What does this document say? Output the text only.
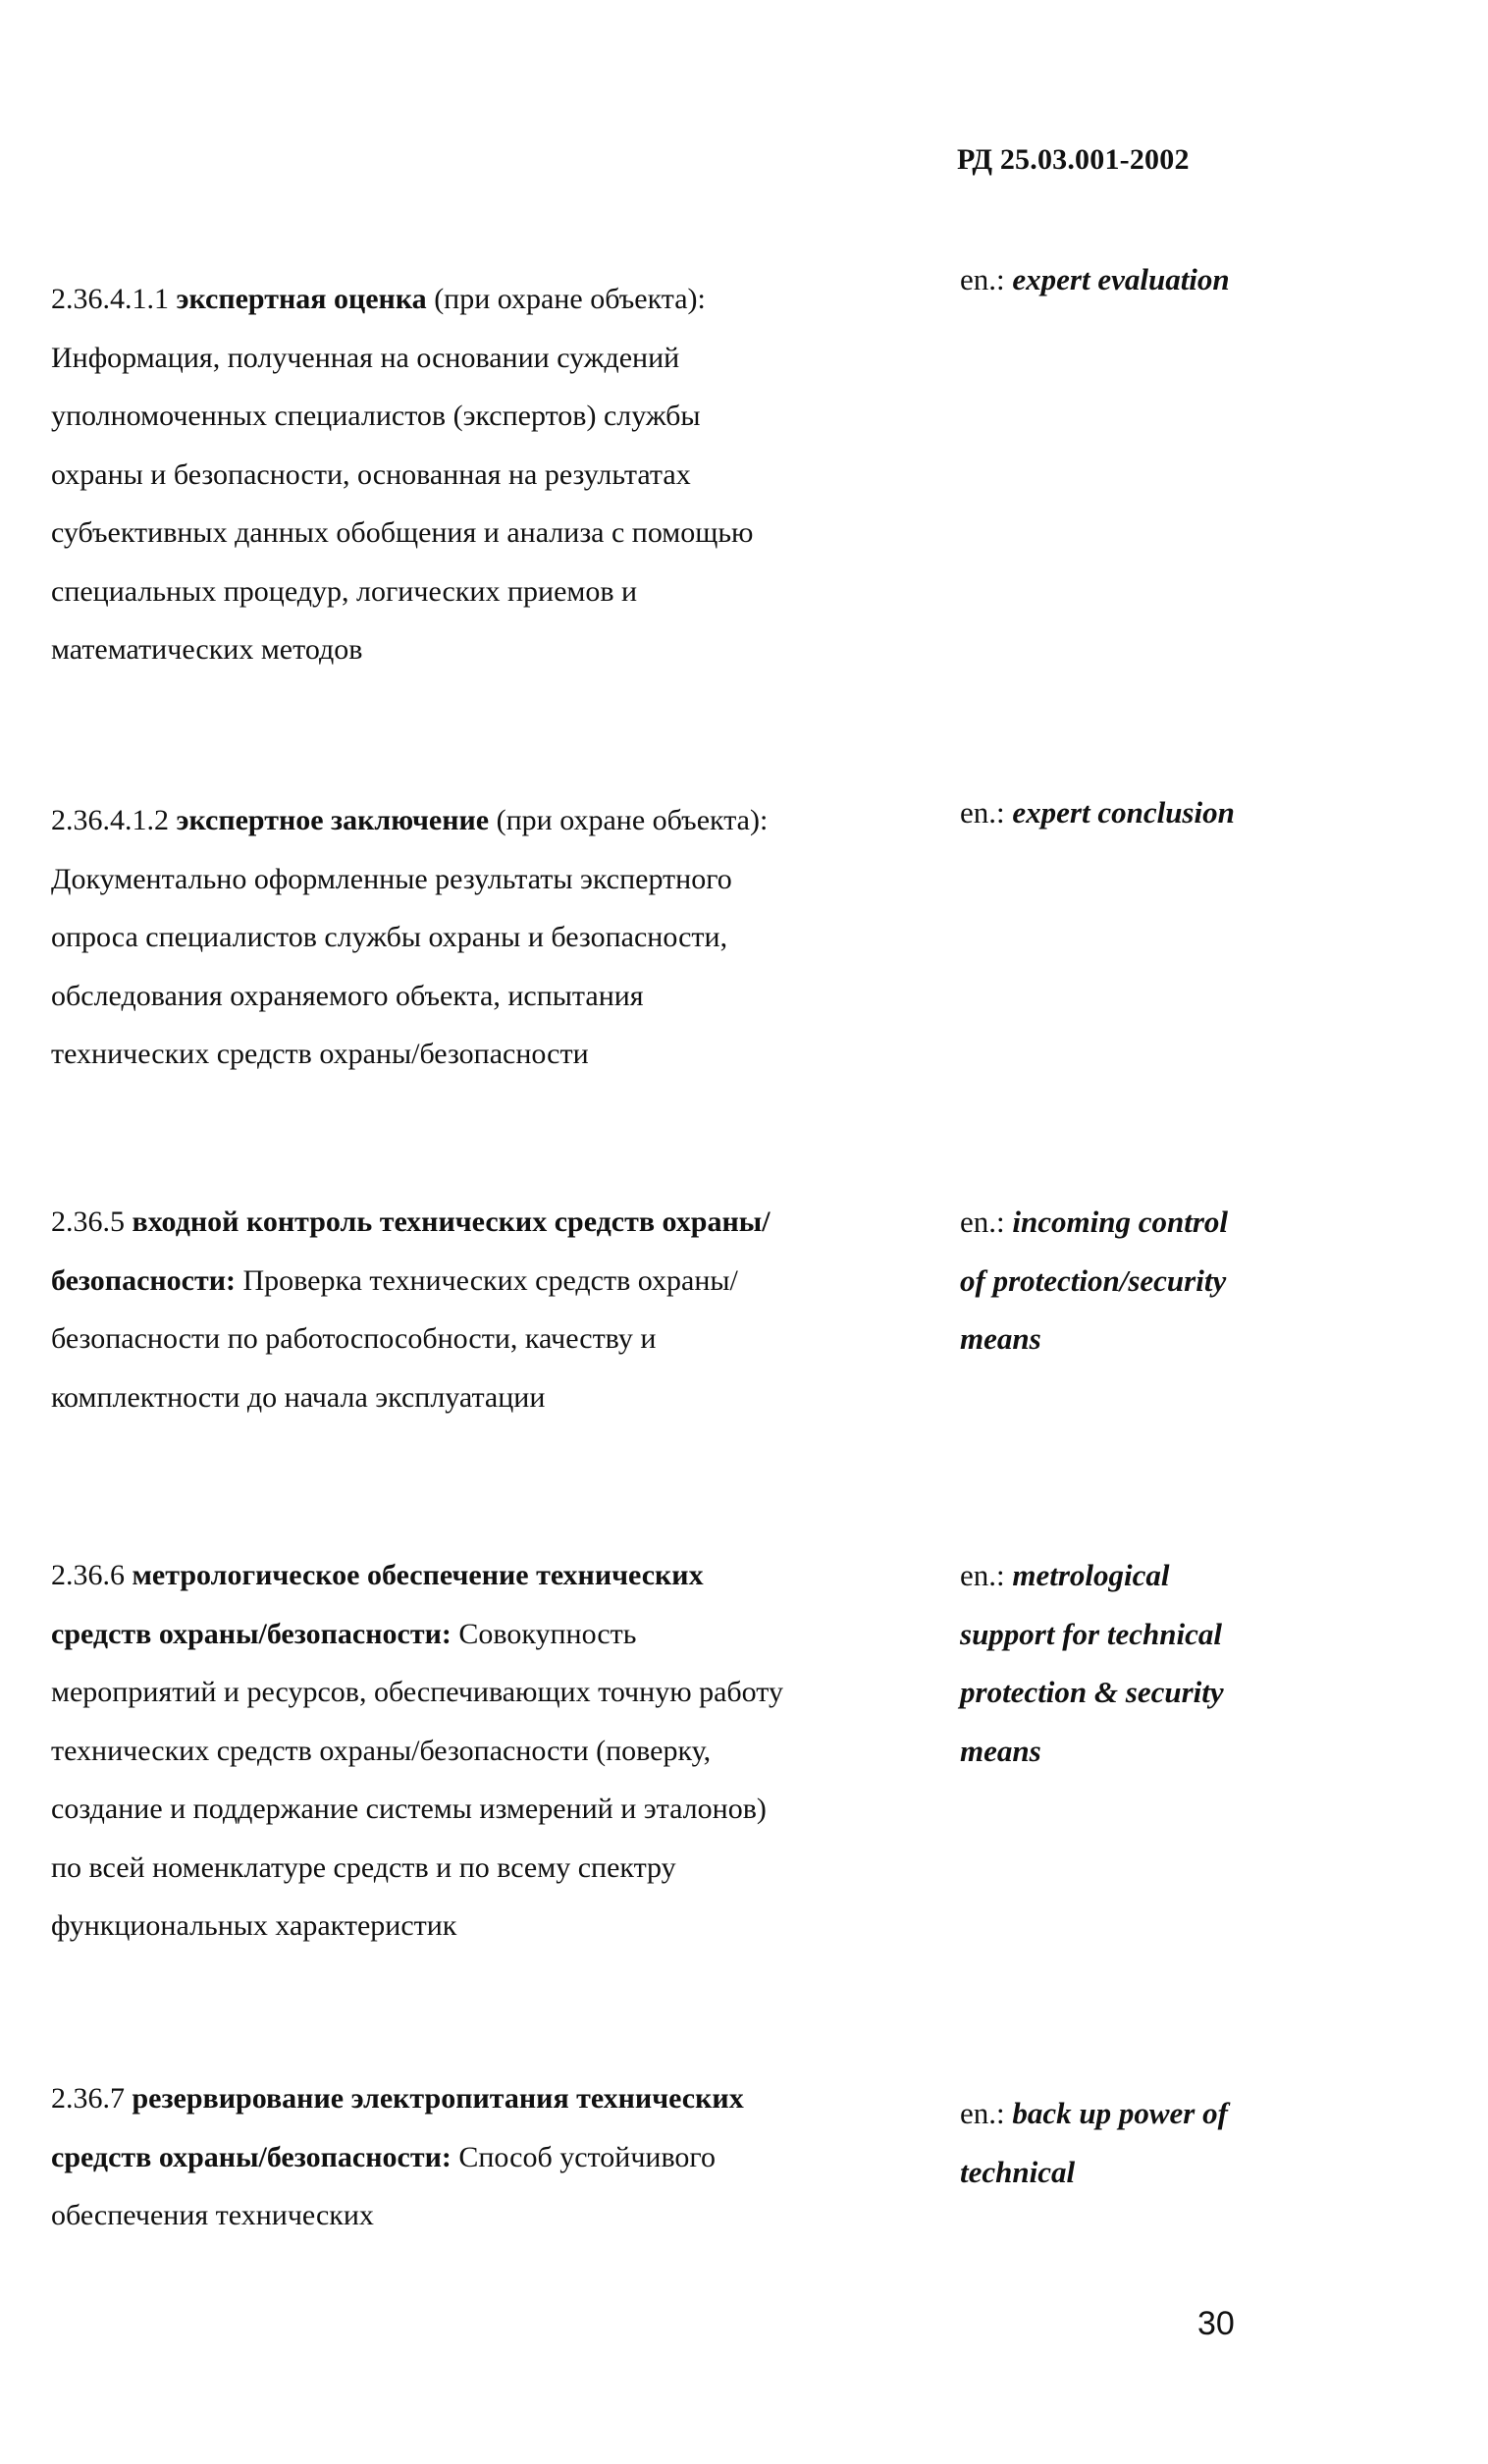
РД 25.03.001-2002
2.36.4.1.1 экспертная оценка (при охране объекта): Информация, полученная на основании суждений уполномоченных специалистов (экспертов) службы охраны и безопасности, основанная на результатах субъективных данных обобщения и анализа с помощью специальных процедур, логических приемов и математических методов
en.: expert evaluation
2.36.4.1.2 экспертное заключение (при охране объекта): Документально оформленные результаты экспертного опроса специалистов службы охраны и безопасности, обследования охраняемого объекта, испытания технических средств охраны/безопасности
en.: expert conclusion
2.36.5 входной контроль технических средств охраны/безопасности: Проверка технических средств охраны/безопасности по работоспособности, качеству и комплектности до начала эксплуатации
en.: incoming control of protection/security means
2.36.6 метрологическое обеспечение технических средств охраны/безопасности: Совокупность мероприятий и ресурсов, обеспечивающих точную работу технических средств охраны/безопасности (поверку, создание и поддержание системы измерений и эталонов) по всей номенклатуре средств и по всему спектру функциональных характеристик
en.: metrological support for technical protection & security means
2.36.7 резервирование электропитания технических средств охраны/безопасности: Способ устойчивого обеспечения технических
en.: back up power of technical
30
